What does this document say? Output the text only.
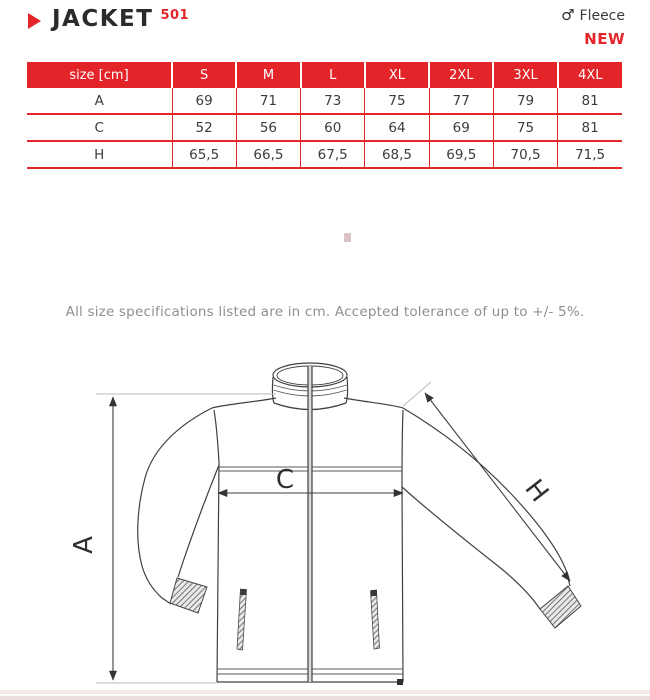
JACKET $^{501}$	♂ Fleece
NEW
size [cm]	S	M	L	XL	2XL	3XL	4XL
A	69	71	73	75	77	79	81
C	52	56	60	64	69	75	81
H	65,5	66,5	67,5	68,5	69,5	70,5	71,5
All size specifications listed are in cm. Accepted tolerance of up to +/- 5%.
A
C	H
